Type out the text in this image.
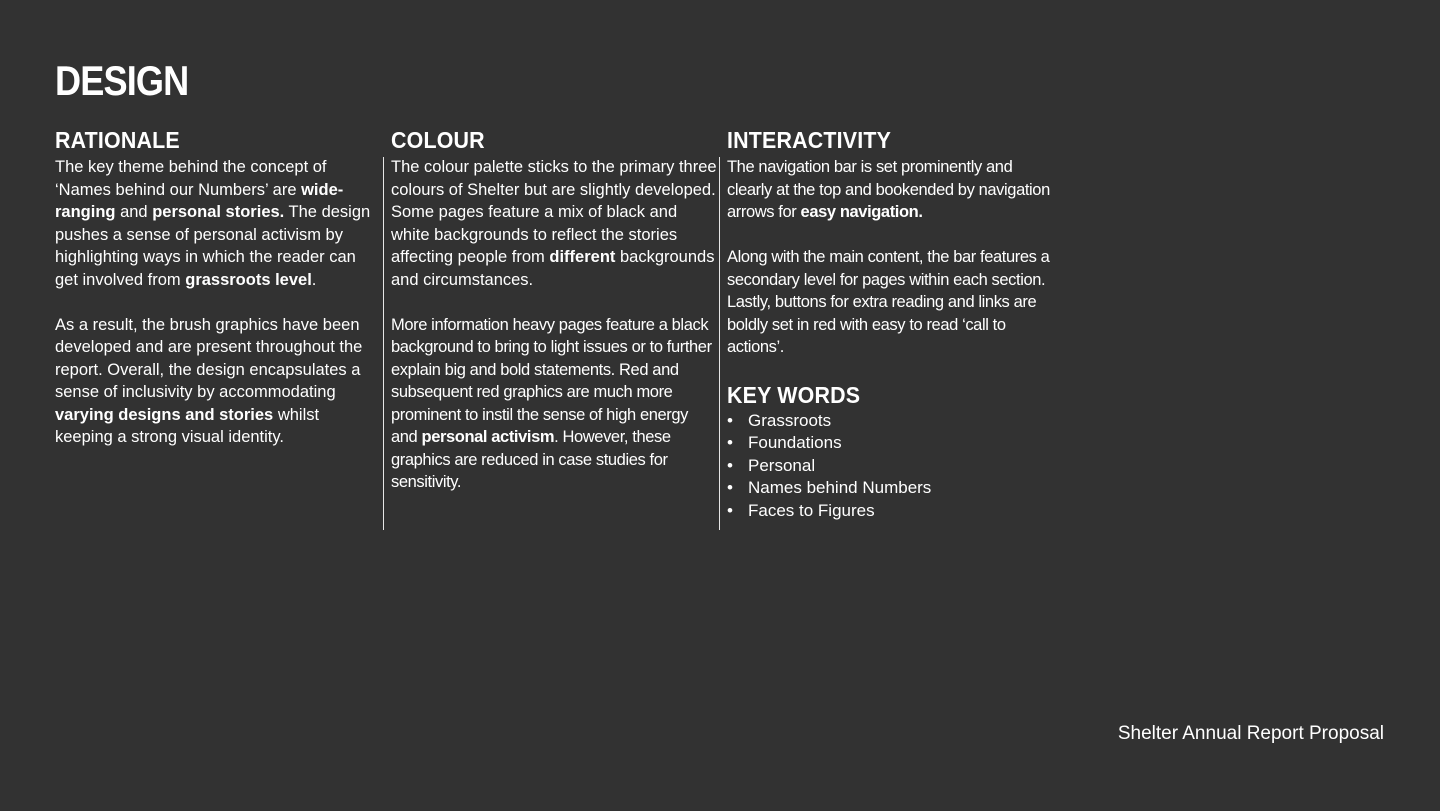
DESIGN
RATIONALE

The key theme behind the concept of ‘Names behind our Numbers’ are wide-ranging and personal stories. The design pushes a sense of personal activism by highlighting ways in which the reader can get involved from grassroots level.

As a result, the brush graphics have been developed and are present throughout the report. Overall, the design encapsulates a sense of inclusivity by accommodating varying designs and stories whilst keeping a strong visual identity.

COLOUR

The colour palette sticks to the primary three colours of Shelter but are slightly developed. Some pages feature a mix of black and white backgrounds to reflect the stories affecting people from different backgrounds and circumstances.

More information heavy pages feature a black background to bring to light issues or to further explain big and bold statements. Red and subsequent red graphics are much more prominent to instil the sense of high energy and personal activism. However, these graphics are reduced in case studies for sensitivity.

INTERACTIVITY

The navigation bar is set prominently and clearly at the top and bookended by navigation arrows for easy navigation.

Along with the main content, the bar features a secondary level for pages within each section. Lastly, buttons for extra reading and links are boldly set in red with easy to read ‘call to actions’.

KEY WORDS
• Grassroots
• Foundations
• Personal
• Names behind Numbers
• Faces to Figures
Shelter Annual Report Proposal
